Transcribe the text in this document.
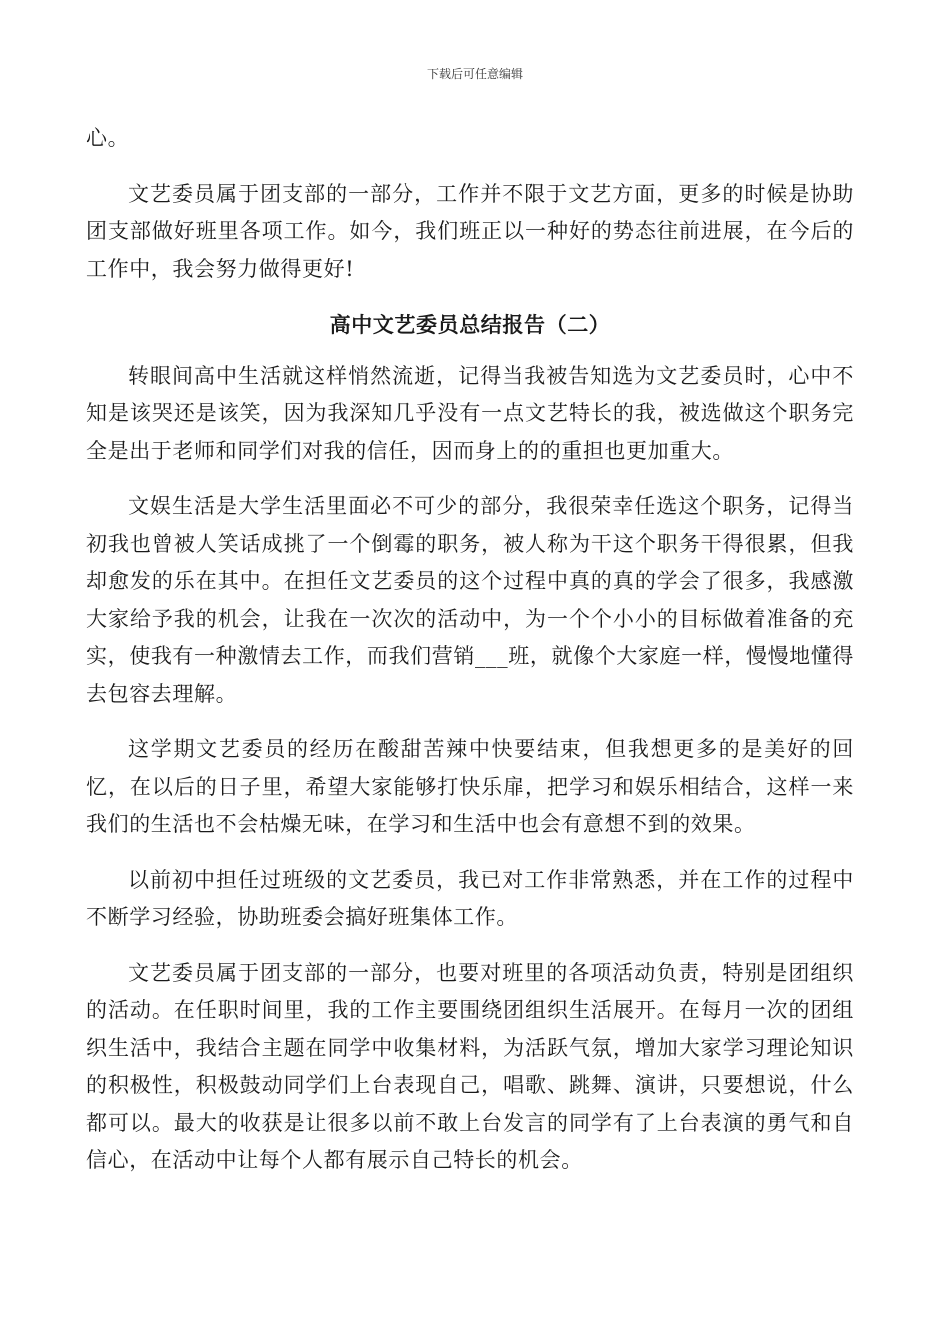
下载后可任意编辑

心。

文艺委员属于团支部的一部分，工作并不限于文艺方面，更多的时候是协助团支部做好班里各项工作。如今，我们班正以一种好的势态往前进展，在今后的工作中，我会努力做得更好!

高中文艺委员总结报告（二）

转眼间高中生活就这样悄然流逝，记得当我被告知选为文艺委员时，心中不知是该哭还是该笑，因为我深知几乎没有一点文艺特长的我，被选做这个职务完全是出于老师和同学们对我的信任，因而身上的的重担也更加重大。

文娱生活是大学生活里面必不可少的部分，我很荣幸任选这个职务，记得当初我也曾被人笑话成挑了一个倒霉的职务，被人称为干这个职务干得很累，但我却愈发的乐在其中。在担任文艺委员的这个过程中真的真的学会了很多，我感激大家给予我的机会，让我在一次次的活动中，为一个个小小的目标做着准备的充实，使我有一种激情去工作，而我们营销___班，就像个大家庭一样，慢慢地懂得去包容去理解。

这学期文艺委员的经历在酸甜苦辣中快要结束，但我想更多的是美好的回忆，在以后的日子里，希望大家能够打快乐扉，把学习和娱乐相结合，这样一来我们的生活也不会枯燥无味，在学习和生活中也会有意想不到的效果。

以前初中担任过班级的文艺委员，我已对工作非常熟悉，并在工作的过程中不断学习经验，协助班委会搞好班集体工作。

文艺委员属于团支部的一部分，也要对班里的各项活动负责，特别是团组织的活动。在任职时间里，我的工作主要围绕团组织生活展开。在每月一次的团组织生活中，我结合主题在同学中收集材料，为活跃气氛，增加大家学习理论知识的积极性，积极鼓动同学们上台表现自己，唱歌、跳舞、演讲，只要想说，什么都可以。最大的收获是让很多以前不敢上台发言的同学有了上台表演的勇气和自信心，在活动中让每个人都有展示自己特长的机会。
